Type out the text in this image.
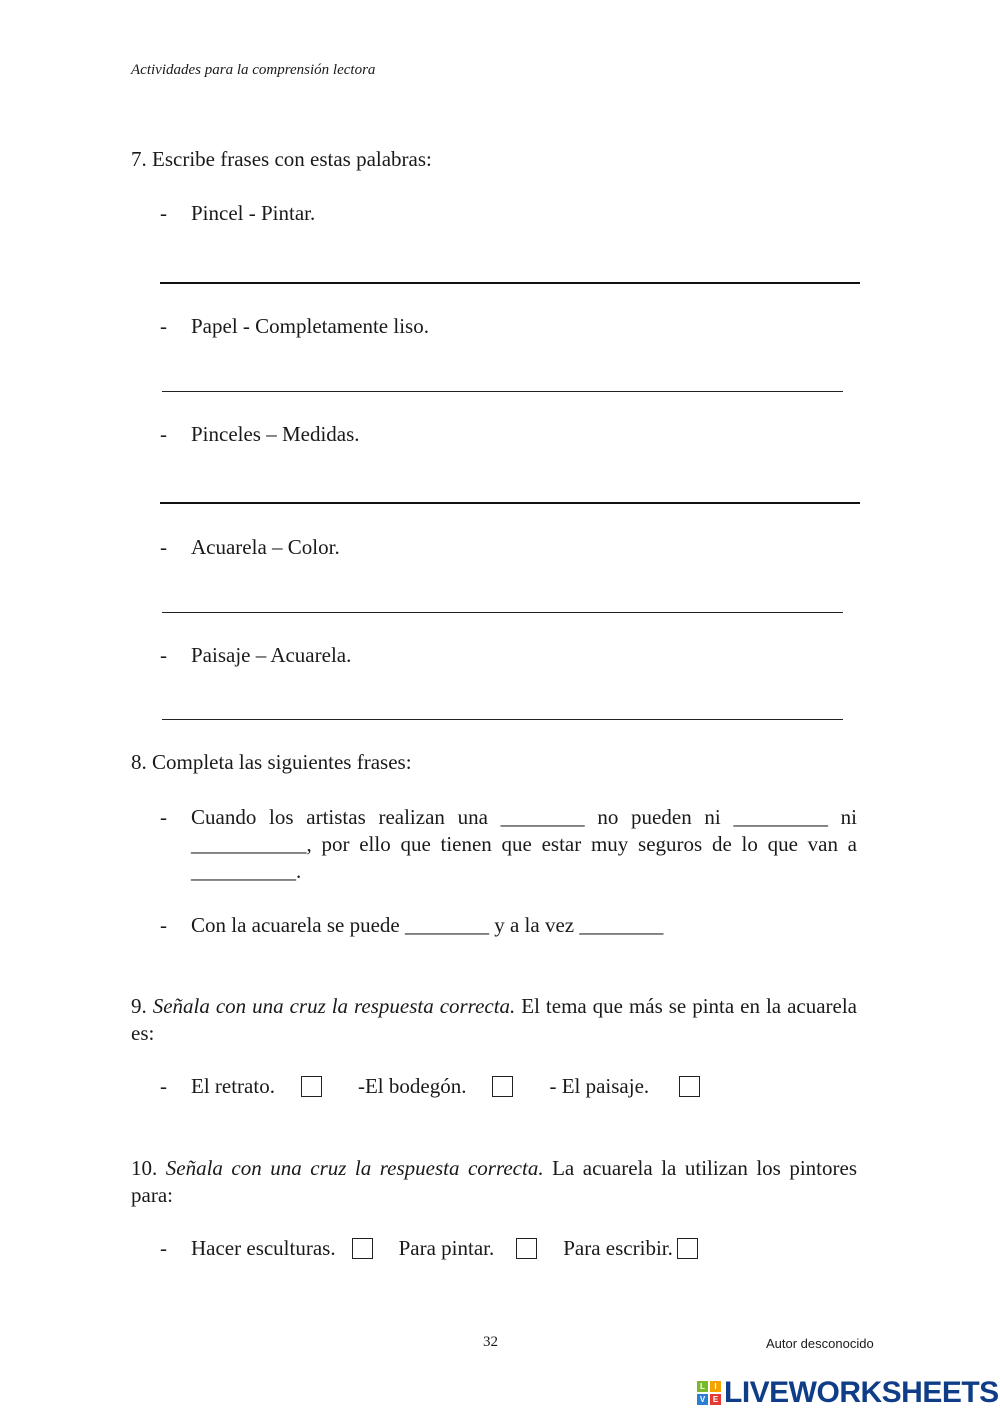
Actividades para la comprensión lectora
7. Escribe frases con estas palabras:
- Pincel - Pintar.
- Papel - Completamente liso.
- Pinceles – Medidas.
- Acuarela – Color.
- Paisaje – Acuarela.
8. Completa las siguientes frases:
-	Cuando los artistas realizan una ________ no pueden ni _________ ni ___________, por ello que tienen que estar muy seguros de lo que van a __________.
-	Con la acuarela se puede ________ y a la vez ________
9. Señala con una cruz la respuesta correcta. El tema que más se pinta en la acuarela es:
- El retrato.	-El bodegón.	- El paisaje.
10. Señala con una cruz la respuesta correcta. La acuarela la utilizan los pintores para:
- Hacer esculturas.	Para pintar.	Para escribir.
32	Autor desconocido
L	I
V E LIVEWORKSHEETS
